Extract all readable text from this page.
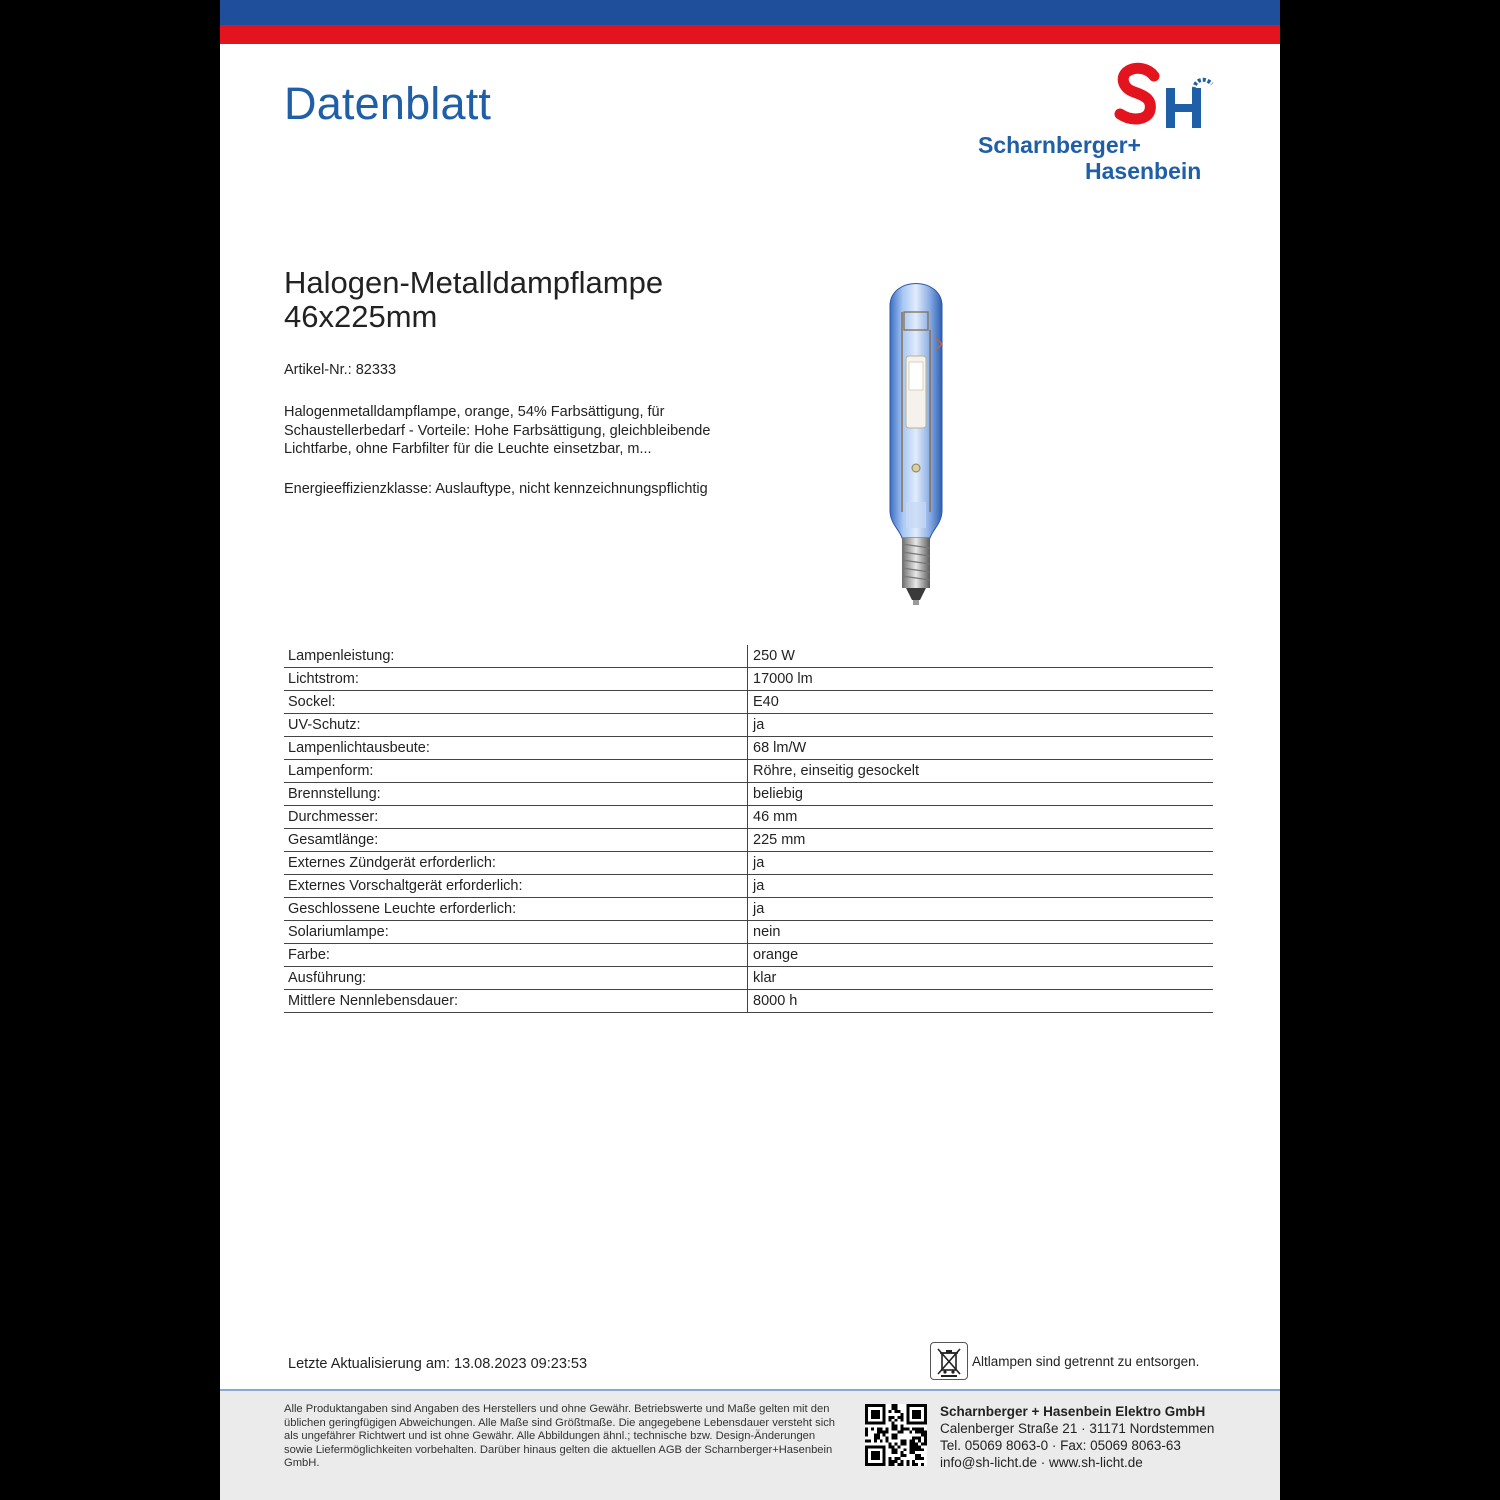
Datenblatt
Scharnberger+
Hasenbein
Halogen-Metalldampflampe
46x225mm
Artikel-Nr.: 82333
Halogenmetalldampflampe, orange, 54% Farbsättigung, für Schaustellerbedarf - Vorteile: Hohe Farbsättigung, gleichbleibende Lichtfarbe, ohne Farbfilter für die Leuchte einsetzbar, m...
Energieeffizienzklasse: Auslauftype, nicht kennzeichnungspflichtig
Lampenleistung:	250 W
Lichtstrom:	17000 lm
Sockel:	E40
UV-Schutz:	ja
Lampenlichtausbeute:	68 lm/W
Lampenform:	Röhre, einseitig gesockelt
Brennstellung:	beliebig
Durchmesser:	46 mm
Gesamtlänge:	225 mm
Externes Zündgerät erforderlich:	ja
Externes Vorschaltgerät erforderlich:	ja
Geschlossene Leuchte erforderlich:	ja
Solariumlampe:	nein
Farbe:	orange
Ausführung:	klar
Mittlere Nennlebensdauer:	8000 h
Letzte Aktualisierung am: 13.08.2023 09:23:53	Altlampen sind getrennt zu entsorgen.
Alle Produktangaben sind Angaben des Herstellers und ohne Gewähr. Betriebswerte und Maße gelten mit den üblichen geringfügigen Abweichungen. Alle Maße sind Größtmaße. Die angegebene Lebensdauer versteht sich als ungefährer Richtwert und ist ohne Gewähr. Alle Abbildungen ähnl.; technische bzw. Design-Änderungen sowie Liefermöglichkeiten vorbehalten. Darüber hinaus gelten die aktuellen AGB der Scharnberger+Hasenbein GmbH.
Scharnberger + Hasenbein Elektro GmbH
Calenberger Straße 21 · 31171 Nordstemmen
Tel. 05069 8063-0 · Fax: 05069 8063-63
info@sh-licht.de · www.sh-licht.de
